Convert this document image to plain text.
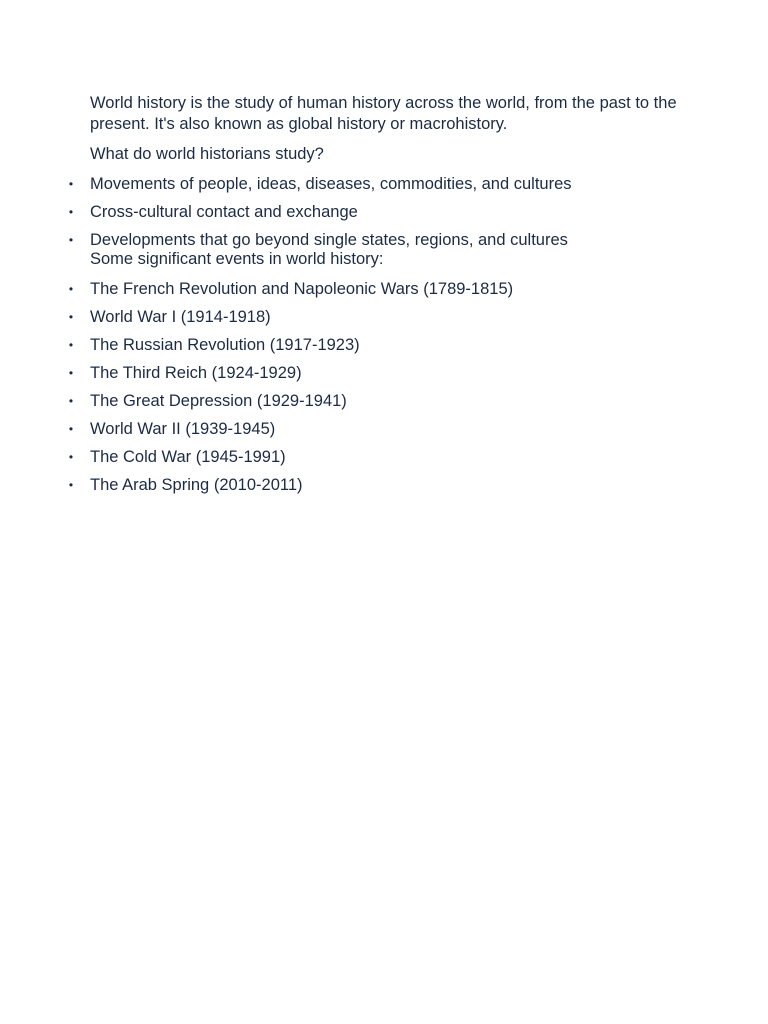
World history is the study of human history across the world, from the past to the present. It's also known as global history or macrohistory.

What do world historians study?

• Movements of people, ideas, diseases, commodities, and cultures
• Cross-cultural contact and exchange
• Developments that go beyond single states, regions, and cultures

Some significant events in world history:

• The French Revolution and Napoleonic Wars (1789-1815)
• World War I (1914-1918)
• The Russian Revolution (1917-1923)
• The Third Reich (1924-1929)
• The Great Depression (1929-1941)
• World War II (1939-1945)
• The Cold War (1945-1991)
• The Arab Spring (2010-2011)
